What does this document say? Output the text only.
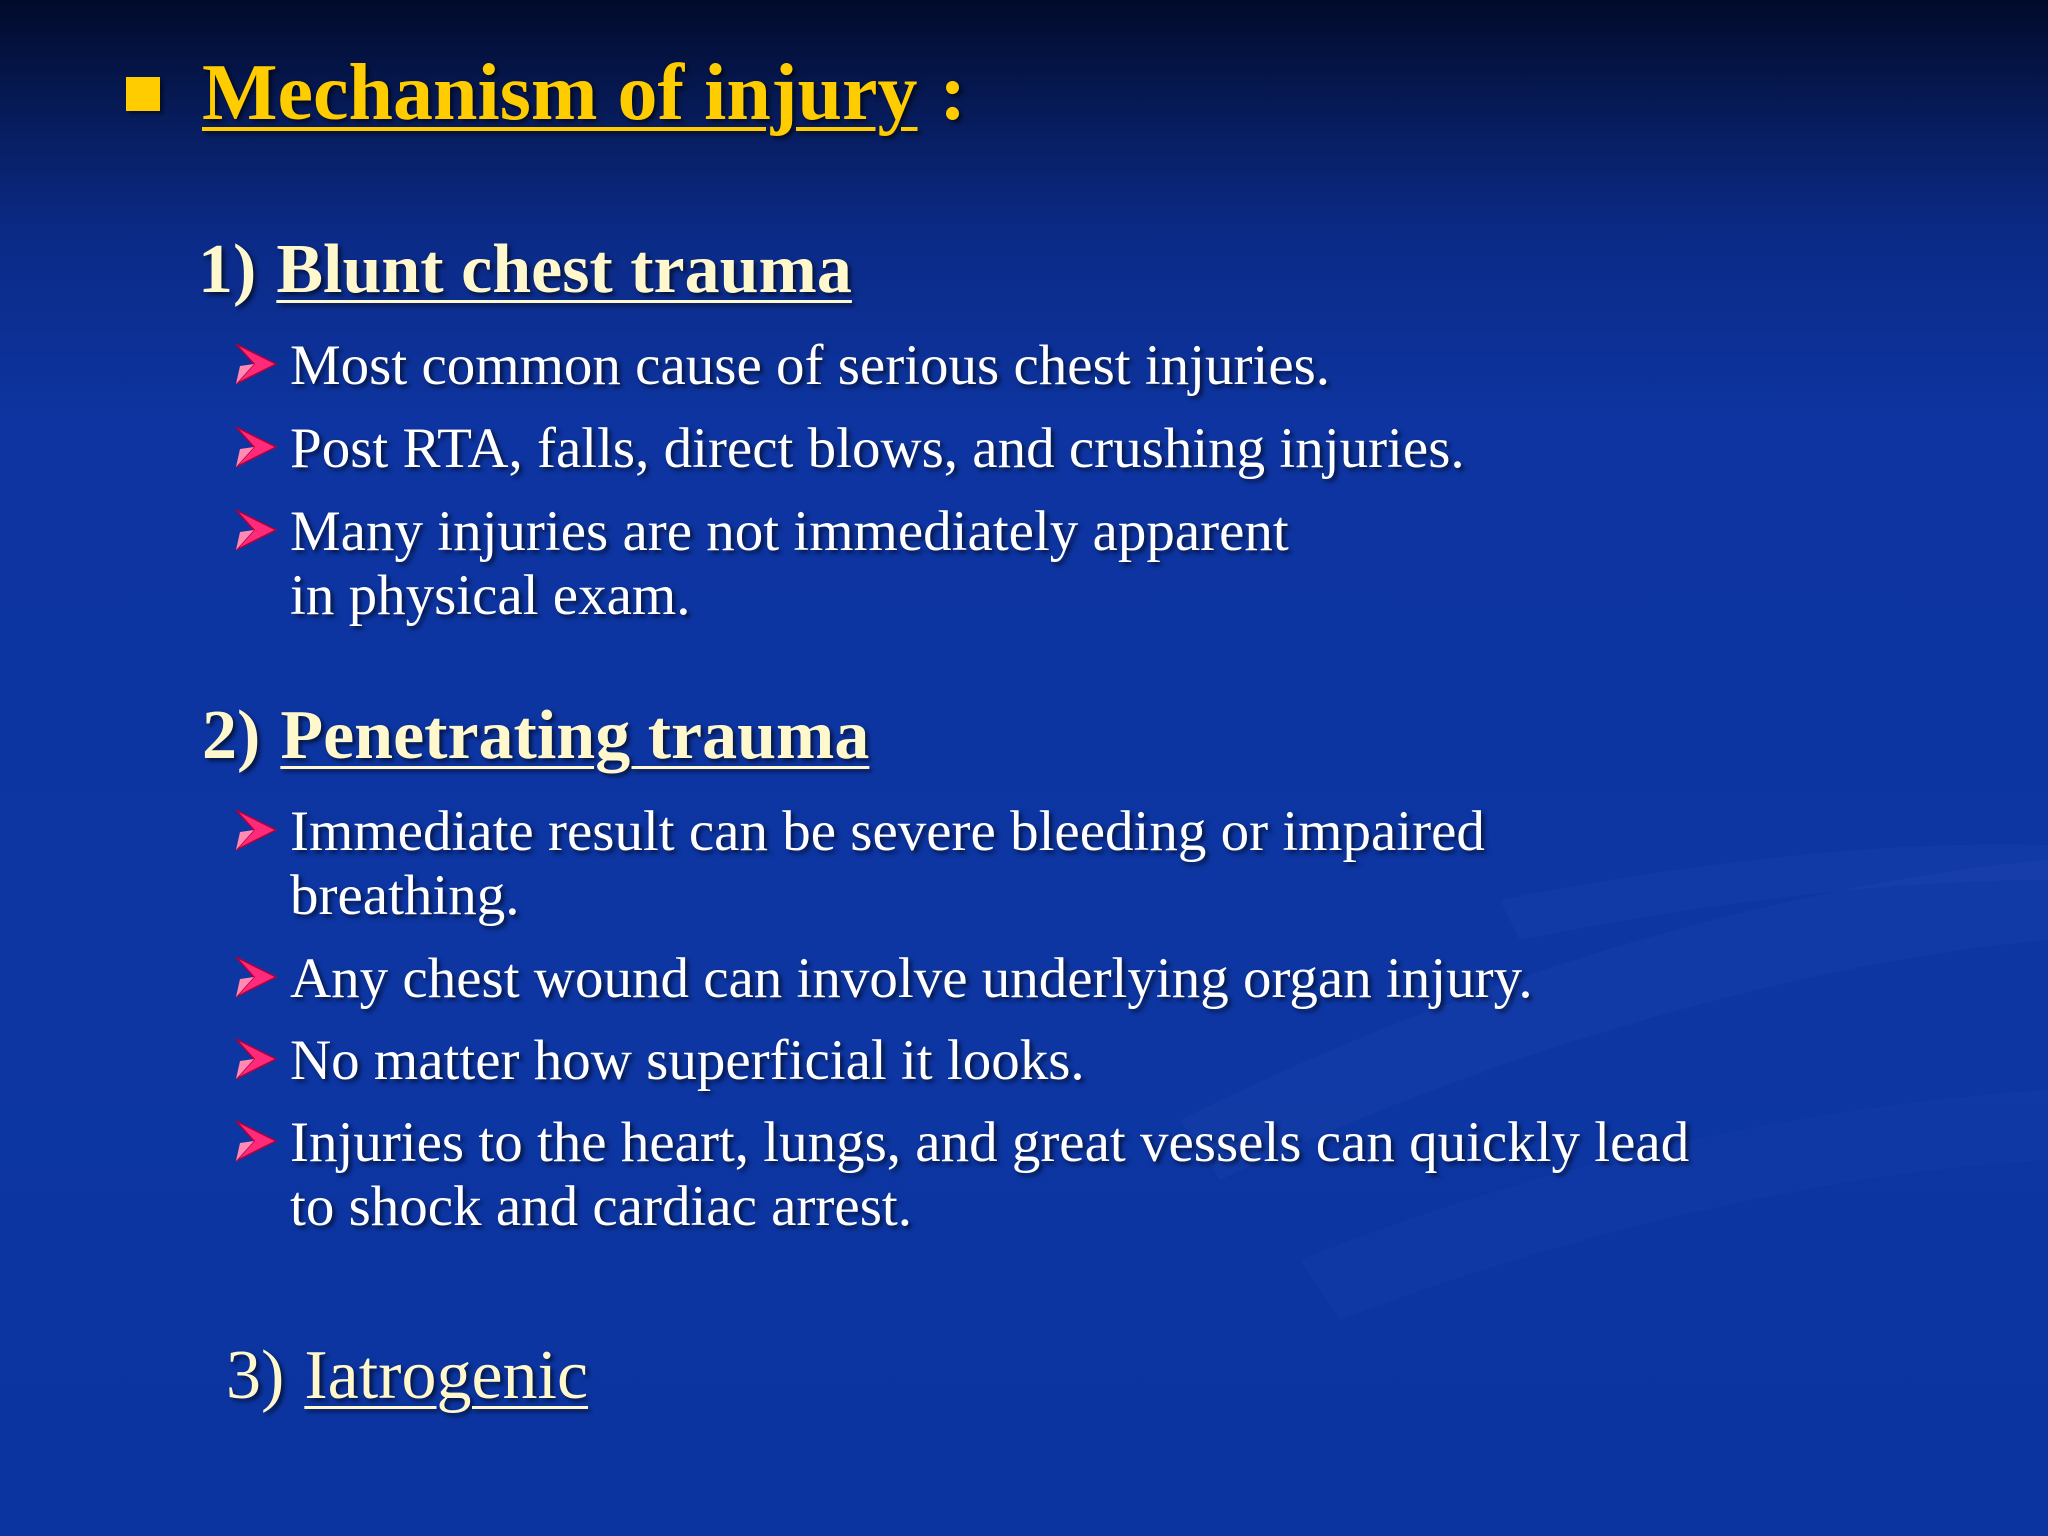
Mechanism of injury :
1) Blunt chest trauma
Most common cause of serious chest injuries.
Post RTA, falls, direct blows, and crushing injuries.
Many injuries are not immediately apparent
in physical exam.
2) Penetrating trauma
Immediate result can be severe bleeding or impaired
breathing.
Any chest wound can involve underlying organ injury.
No matter how superficial it looks.
Injuries to the heart, lungs, and great vessels can quickly lead
to shock and cardiac arrest.
3) Iatrogenic
